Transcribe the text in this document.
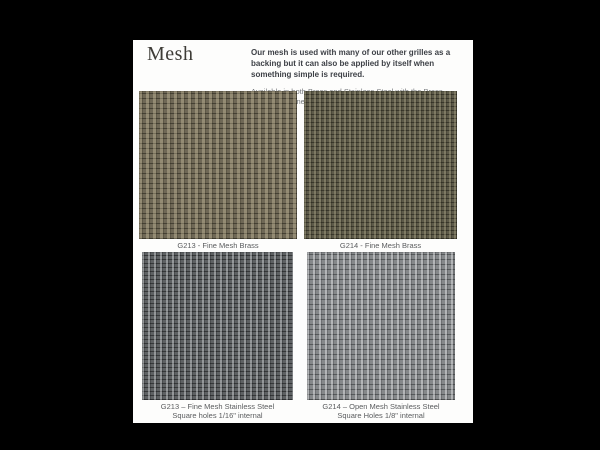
Mesh	Our mesh is used with many of our other grilles as a backing but it can also be applied by itself when something simple is required.

both nine

G213 - Fine Mesh Brass	G214 - Fine Mesh Brass
G213 – Fine Mesh Stainless Steel
Square holes 1/16" internal
G214 – Open Mesh Stainless Steel
Square Holes 1/8" internal
